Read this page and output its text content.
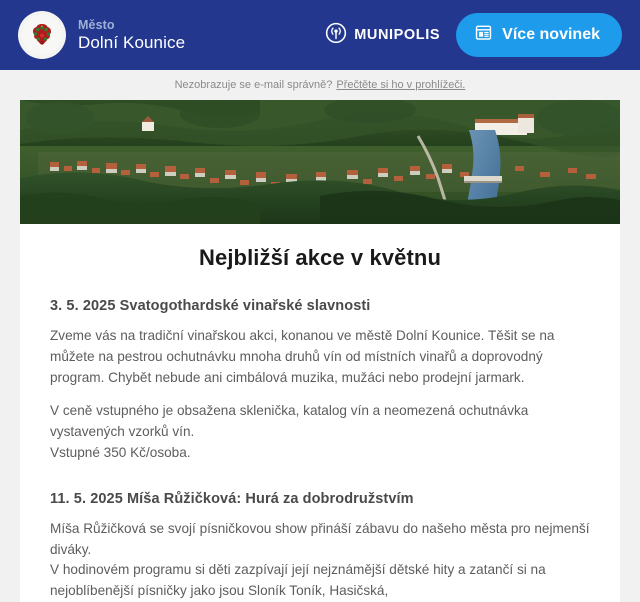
Město
Dolní Kounice	MUNIPOLIS	Více novinek
Nezobrazuje se e-mail správně? Přečtěte si ho v prohlížeči.
Nejbližší akce v květnu
3. 5. 2025 Svatogothardské vinařské slavnosti

Zveme vás na tradiční vinařskou akci, konanou ve městě Dolní Kounice. Těšit se na můžete na pestrou ochutnávku mnoha druhů vín od místních vinařů a doprovodný program. Chybět nebude ani cimbálová muzika, mužáci nebo prodejní jarmark.

V ceně vstupného je obsažena sklenička, katalog vín a neomezená ochutnávka vystavených vzorků vín.
Vstupné 350 Kč/osoba.

11. 5. 2025 Míša Růžičková: Hurá za dobrodružstvím

Míša Růžičková se svojí písničkovou show přináší zábavu do našeho města pro nejmenší diváky.
V hodinovém programu si děti zazpívají její nejznámější dětské hity a zatančí si na nejoblíbenější písničky jako jsou Sloník Toník, Hasičská,
